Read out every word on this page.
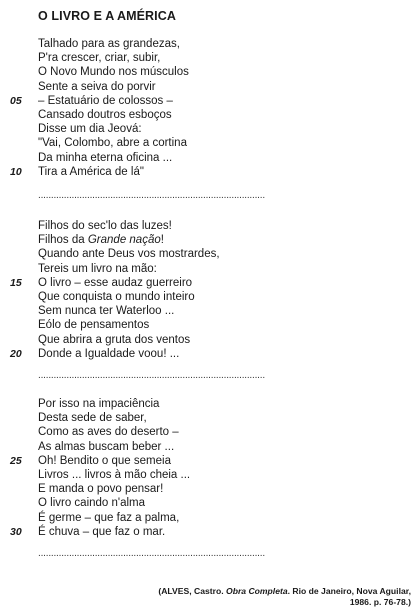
O LIVRO E A AMÉRICA
Talhado para as grandezas,
P'ra crescer, criar, subir,
O Novo Mundo nos músculos
Sente a seiva do porvir
05	– Estatuário de colossos –
Cansado doutros esboços
Disse um dia Jeová:
"Vai, Colombo, abre a cortina
Da minha eterna oficina ...
10	Tira a América de lá"
........................................................................................
Filhos do sec'lo das luzes!
Filhos da Grande nação!
Quando ante Deus vos mostrardes,
Tereis um livro na mão:
15	O livro – esse audaz guerreiro
Que conquista o mundo inteiro
Sem nunca ter Waterloo ...
Eólo de pensamentos
Que abrira a gruta dos ventos
20	Donde a Igualdade voou! ...
........................................................................................
Por isso na impaciência
Desta sede de saber,
Como as aves do deserto –
As almas buscam beber ...
25	Oh! Bendito o que semeia
Livros ... livros à mão cheia ...
E manda o povo pensar!
O livro caindo n'alma
É germe – que faz a palma,
30	É chuva – que faz o mar.
........................................................................................
(ALVES, Castro. Obra Completa. Rio de Janeiro, Nova Aguilar,
1986. p. 76-78.)
